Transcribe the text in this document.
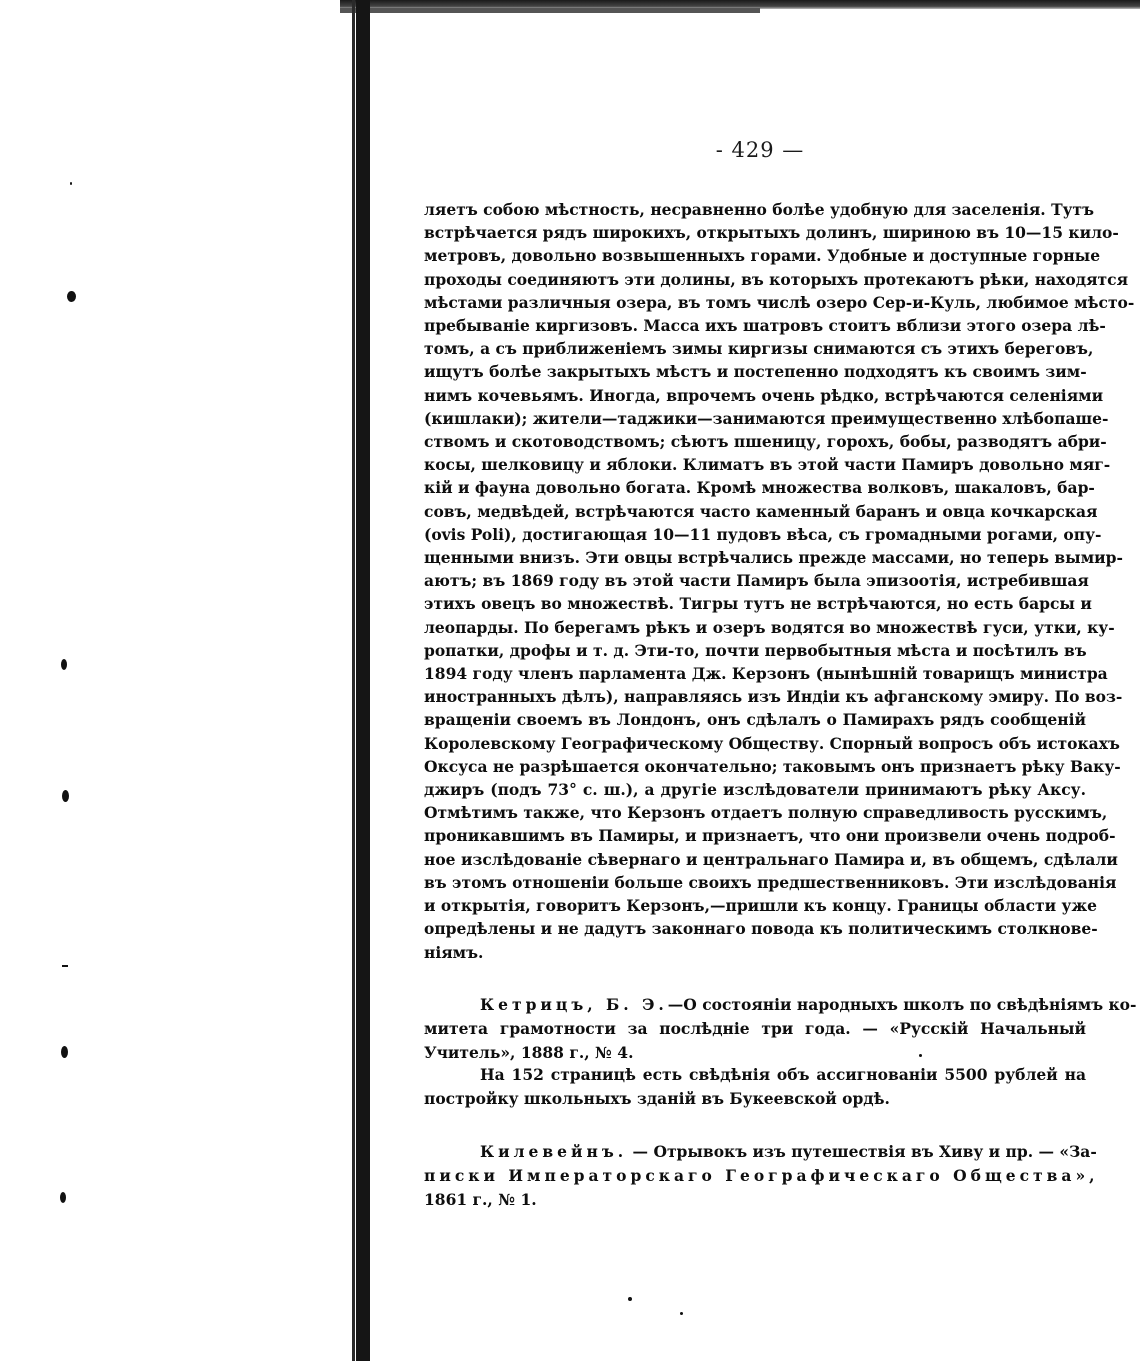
- 429 —
ляетъ собою мѣстность, несравненно болѣе удобную для заселенія. Тутъ
встрѣчается рядъ широкихъ, открытыхъ долинъ, шириною въ 10—15 кило-
метровъ, довольно возвышенныхъ горами. Удобные и доступные горные
проходы соединяютъ эти долины, въ которыхъ протекаютъ рѣки, находятся
мѣстами различныя озера, въ томъ числѣ озеро Сер-и-Куль, любимое мѣсто-
пребываніе киргизовъ. Масса ихъ шатровъ стоитъ вблизи этого озера лѣ-
томъ, а съ приближеніемъ зимы киргизы снимаются съ этихъ береговъ,
ищутъ болѣе закрытыхъ мѣстъ и постепенно подходятъ къ своимъ зим-
нимъ кочевьямъ. Иногда, впрочемъ очень рѣдко, встрѣчаются селеніями
(кишлаки); жители—таджики—занимаются преимущественно хлѣбопаше-
ствомъ и скотоводствомъ; сѣютъ пшеницу, горохъ, бобы, разводятъ абри-
косы, шелковицу и яблоки. Климатъ въ этой части Памиръ довольно мяг-
кій и фауна довольно богата. Кромѣ множества волковъ, шакаловъ, бар-
совъ, медвѣдей, встрѣчаются часто каменный баранъ и овца кочкарская
(ovis Poli), достигающая 10—11 пудовъ вѣса, съ громадными рогами, опу-
щенными внизъ. Эти овцы встрѣчались прежде массами, но теперь вымир-
аютъ; въ 1869 году въ этой части Памиръ была эпизоотія, истребившая
этихъ овецъ во множествѣ. Тигры тутъ не встрѣчаются, но есть барсы и
леопарды. По берегамъ рѣкъ и озеръ водятся во множествѣ гуси, утки, ку-
ропатки, дрофы и т. д. Эти-то, почти первобытныя мѣста и посѣтилъ въ
1894 году членъ парламента Дж. Керзонъ (нынѣшній товарищъ министра
иностранныхъ дѣлъ), направляясь изъ Индіи къ афганскому эмиру. По воз-
вращеніи своемъ въ Лондонъ, онъ сдѣлалъ о Памирахъ рядъ сообщеній
Королевскому Географическому Обществу. Спорный вопросъ объ истокахъ
Оксуса не разрѣшается окончательно; таковымъ онъ признаетъ рѣку Ваку-
джиръ (подъ 73° с. ш.), а другіе изслѣдователи принимаютъ рѣку Аксу.
Отмѣтимъ также, что Керзонъ отдаетъ полную справедливость русскимъ,
проникавшимъ въ Памиры, и признаетъ, что они произвели очень подроб-
ное изслѣдованіе сѣвернаго и центральнаго Памира и, въ общемъ, сдѣлали
въ этомъ отношеніи больше своихъ предшественниковъ. Эти изслѣдованія
и открытія, говоритъ Керзонъ,—пришли къ концу. Границы области уже
опредѣлены и не дадутъ законнаго повода къ политическимъ столкнове-
ніямъ.
Кетрицъ, Б. Э.—О состояніи народныхъ школъ по свѣдѣніямъ ко-
митета грамотности за послѣдніе три года. — «Русскій Начальный
Учитель», 1888 г., № 4.
На 152 страницѣ есть свѣдѣнія объ ассигнованіи 5500 рублей на
постройку школьныхъ зданій въ Букеевской ордѣ.
Килевейнъ. — Отрывокъ изъ путешествія въ Хиву и пр. — «За-
писки Императорскаго Географическаго Общества»,
1861 г., № 1.
